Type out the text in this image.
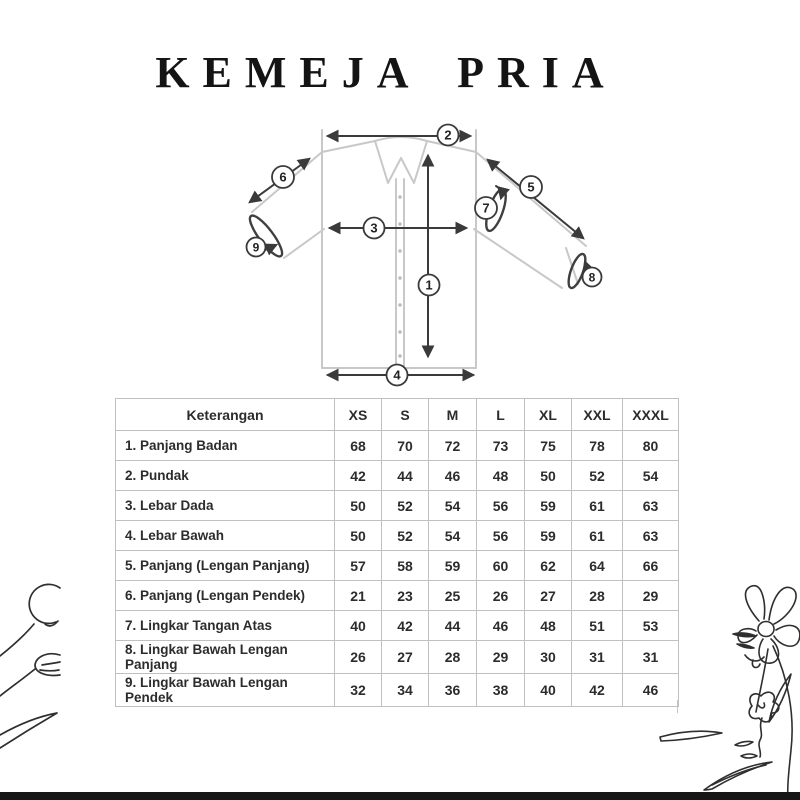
KEMEJA PRIA
1
2
3
4
5
6
7
8
9
Keterangan	XS	S	M	L	XL	XXL	XXXL
1. Panjang Badan	68	70	72	73	75	78	80
2. Pundak	42	44	46	48	50	52	54
3. Lebar Dada	50	52	54	56	59	61	63
4. Lebar Bawah	50	52	54	56	59	61	63
5. Panjang (Lengan Panjang)	57	58	59	60	62	64	66
6. Panjang (Lengan Pendek)	21	23	25	26	27	28	29
7. Lingkar Tangan Atas	40	42	44	46	48	51	53
8. Lingkar Bawah Lengan Panjang	26	27	28	29	30	31	31
9. Lingkar Bawah Lengan Pendek	32	34	36	38	40	42	46
